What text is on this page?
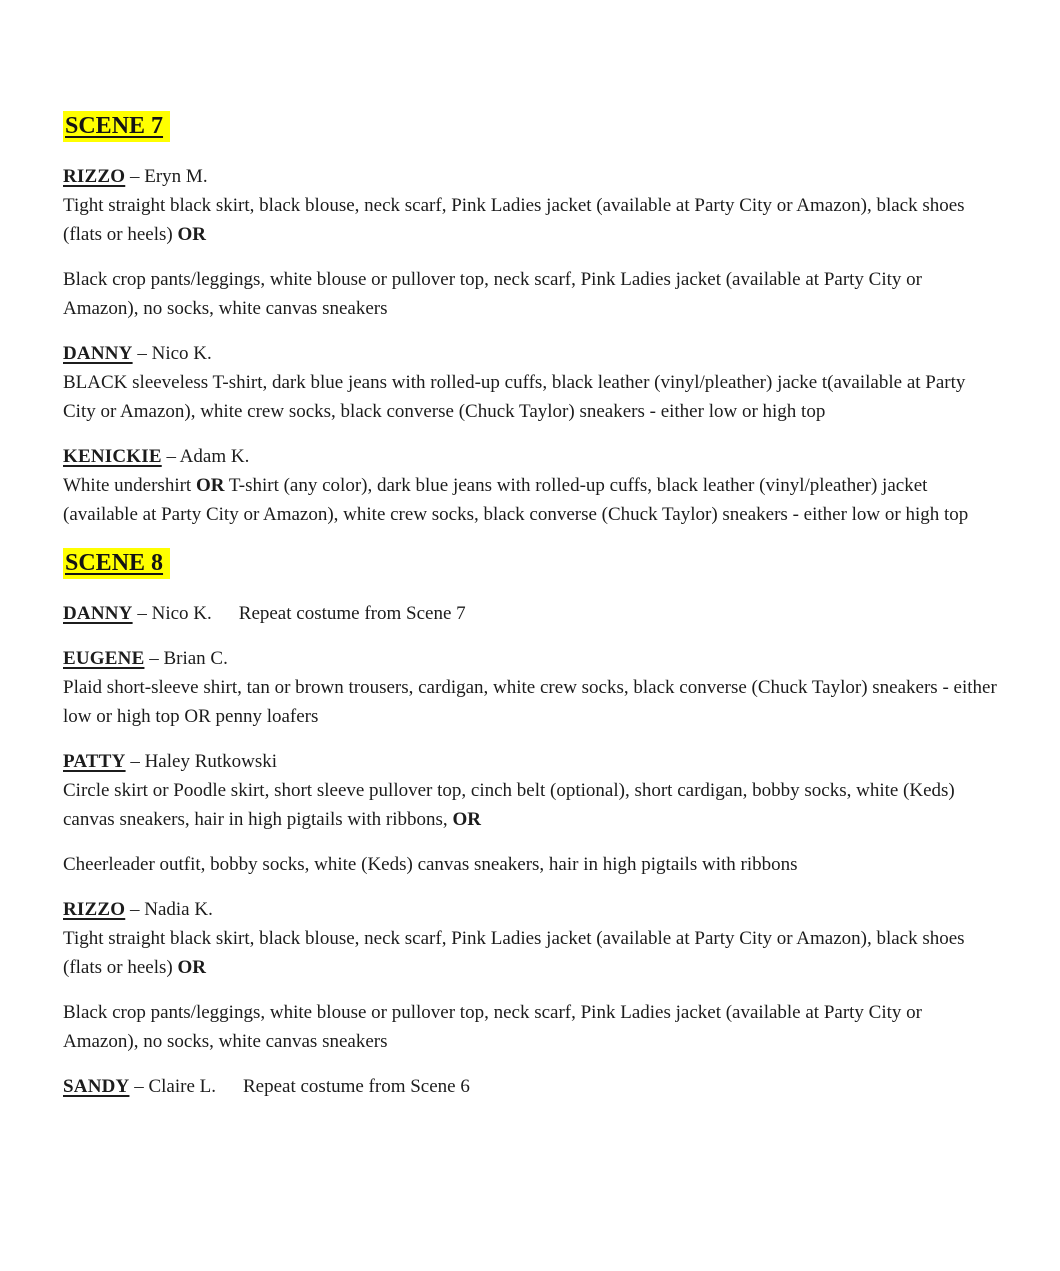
SCENE 7

RIZZO – Eryn M.

Tight straight black skirt, black blouse, neck scarf, Pink Ladies jacket (available at Party City or Amazon), black shoes (flats or heels) OR

Black crop pants/leggings, white blouse or pullover top, neck scarf, Pink Ladies jacket (available at Party City or Amazon), no socks, white canvas sneakers

DANNY – Nico K.

BLACK sleeveless T-shirt, dark blue jeans with rolled-up cuffs, black leather (vinyl/pleather) jacke t(available at Party City or Amazon), white crew socks, black converse (Chuck Taylor) sneakers - either low or high top

KENICKIE – Adam K.

White undershirt OR T-shirt (any color), dark blue jeans with rolled-up cuffs, black leather (vinyl/pleather) jacket (available at Party City or Amazon), white crew socks, black converse (Chuck Taylor) sneakers - either low or high top

SCENE 8

DANNY – Nico K. Repeat costume from Scene 7

EUGENE – Brian C.

Plaid short-sleeve shirt, tan or brown trousers, cardigan, white crew socks, black converse (Chuck Taylor) sneakers - either low or high top OR penny loafers

PATTY – Haley Rutkowski

Circle skirt or Poodle skirt, short sleeve pullover top, cinch belt (optional), short cardigan, bobby socks, white (Keds) canvas sneakers, hair in high pigtails with ribbons, OR

Cheerleader outfit, bobby socks, white (Keds) canvas sneakers, hair in high pigtails with ribbons

RIZZO – Nadia K.

Tight straight black skirt, black blouse, neck scarf, Pink Ladies jacket (available at Party City or Amazon), black shoes (flats or heels) OR

Black crop pants/leggings, white blouse or pullover top, neck scarf, Pink Ladies jacket (available at Party City or Amazon), no socks, white canvas sneakers

SANDY – Claire L. Repeat costume from Scene 6
